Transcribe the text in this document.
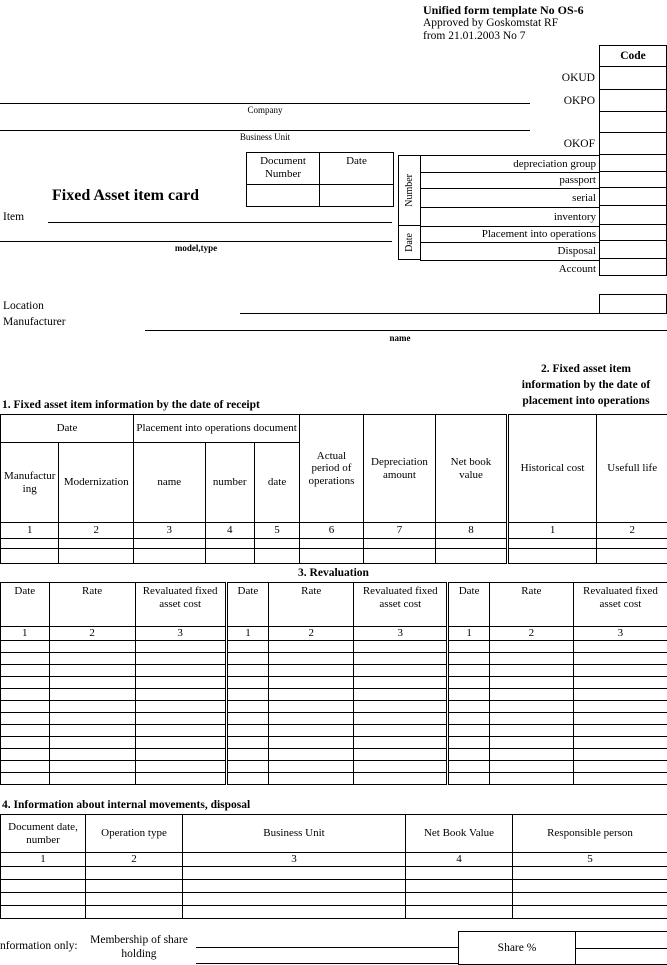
Unified form template No OS-6
Approved by Goskomstat RF
from 21.01.2003 No 7
Code
OKUD
OKPO
OKOF
Company
Business Unit
Document Number	Date

Fixed Asset item card
Item
model,type
Number
Date
depreciation group
passport
serial
inventory
Placement into operations
Disposal
Account
Location
Manufacturer
name
2. Fixed asset item
information by the date of
placement into operations
1. Fixed asset item information by the date of receipt
Date		Placement into operations document			Actual period of operations	Depreciation amount	Net book value	Historical cost	Usefull life
Manufacturing	Modernization	name	number	date					
1	2	3	4	5	6	7	8	1	2

3. Revaluation
Date	Rate	Revaluated fixed asset cost	Date	Rate	Revaluated fixed asset cost	Date	Rate	Revaluated fixed asset cost
1	2	3	1	2	3	1	2	3

4. Information about internal movements, disposal
Document date, number	Operation type	Business Unit	Net Book Value	Responsible person
1	2	3	4	5

nformation only:	Membership of share holding
Share %
